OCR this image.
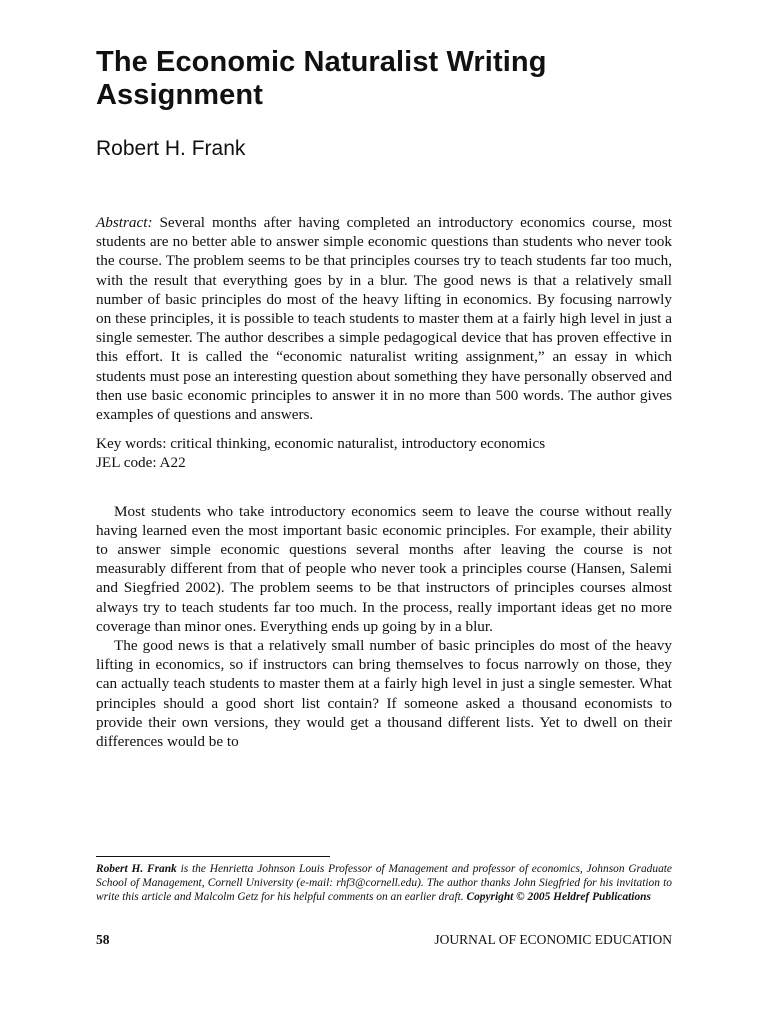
The Economic Naturalist Writing Assignment
Robert H. Frank
Abstract: Several months after having completed an introductory economics course, most students are no better able to answer simple economic questions than students who never took the course. The problem seems to be that principles courses try to teach students far too much, with the result that everything goes by in a blur. The good news is that a relatively small number of basic principles do most of the heavy lifting in economics. By focusing narrowly on these principles, it is possible to teach students to master them at a fairly high level in just a single semester. The author describes a simple pedagogical device that has proven effective in this effort. It is called the “economic naturalist writing assignment,” an essay in which students must pose an interesting question about something they have personally observed and then use basic economic principles to answer it in no more than 500 words. The author gives examples of questions and answers.
Key words: critical thinking, economic naturalist, introductory economics
JEL code: A22

Most students who take introductory economics seem to leave the course without really having learned even the most important basic economic principles. For example, their ability to answer simple economic questions several months after leaving the course is not measurably different from that of people who never took a principles course (Hansen, Salemi and Siegfried 2002). The problem seems to be that instructors of principles courses almost always try to teach students far too much. In the process, really important ideas get no more coverage than minor ones. Everything ends up going by in a blur.

The good news is that a relatively small number of basic principles do most of the heavy lifting in economics, so if instructors can bring themselves to focus narrowly on those, they can actually teach students to master them at a fairly high level in just a single semester. What principles should a good short list contain? If someone asked a thousand economists to provide their own versions, they would get a thousand different lists. Yet to dwell on their differences would be to

Robert H. Frank is the Henrietta Johnson Louis Professor of Management and professor of economics, Johnson Graduate School of Management, Cornell University (e-mail: rhf3@cornell.edu). The author thanks John Siegfried for his invitation to write this article and Malcolm Getz for his helpful comments on an earlier draft. Copyright © 2005 Heldref Publications
58	JOURNAL OF ECONOMIC EDUCATION
